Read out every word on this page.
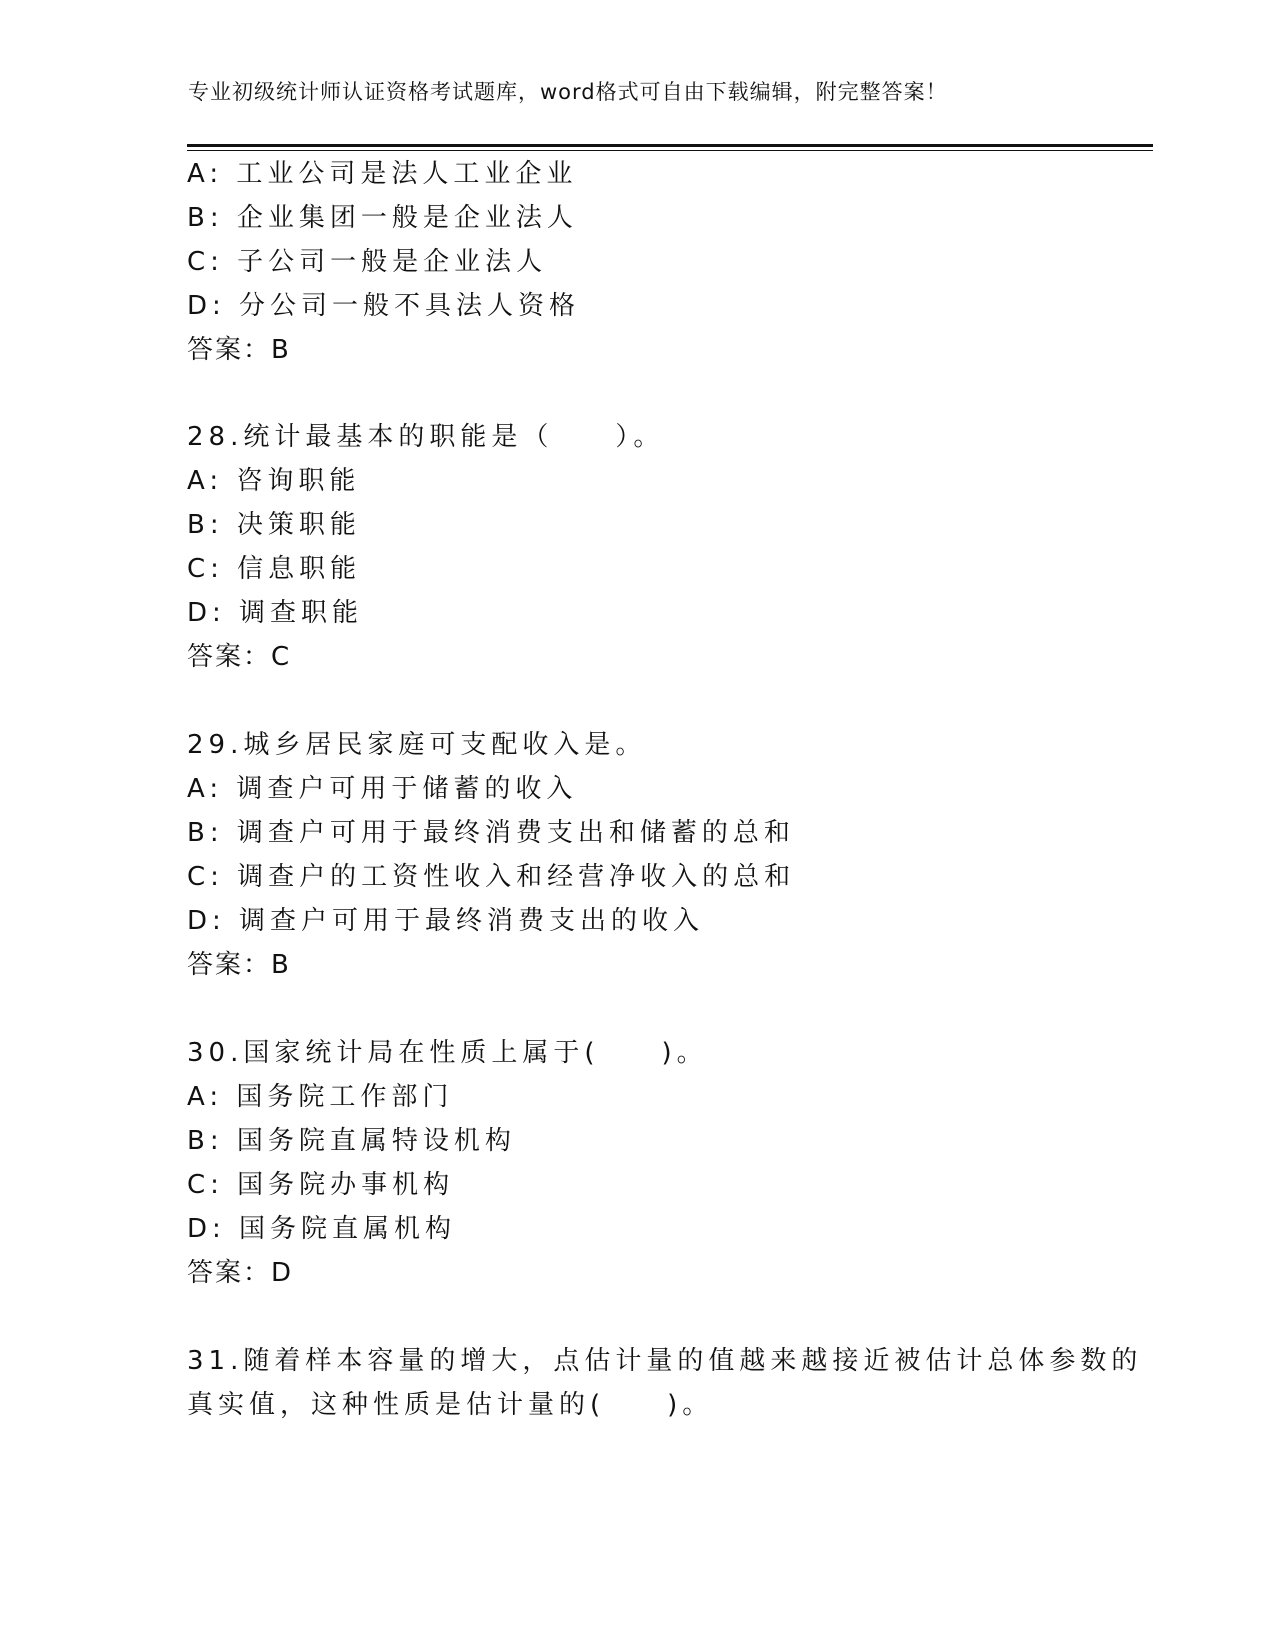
专业初级统计师认证资格考试题库，word格式可自由下载编辑，附完整答案！
A: 工业公司是法人工业企业
B: 企业集团一般是企业法人
C: 子公司一般是企业法人
D: 分公司一般不具法人资格
答案：B
28.统计最基本的职能是（　　）。
A: 咨询职能
B: 决策职能
C: 信息职能
D: 调查职能
答案：C
29.城乡居民家庭可支配收入是。
A: 调查户可用于储蓄的收入
B: 调查户可用于最终消费支出和储蓄的总和
C: 调查户的工资性收入和经营净收入的总和
D: 调查户可用于最终消费支出的收入
答案：B
30.国家统计局在性质上属于(　　)。
A: 国务院工作部门
B: 国务院直属特设机构
C: 国务院办事机构
D: 国务院直属机构
答案：D
31.随着样本容量的增大，点估计量的值越来越接近被估计总体参数的
真实值，这种性质是估计量的(　　)。
